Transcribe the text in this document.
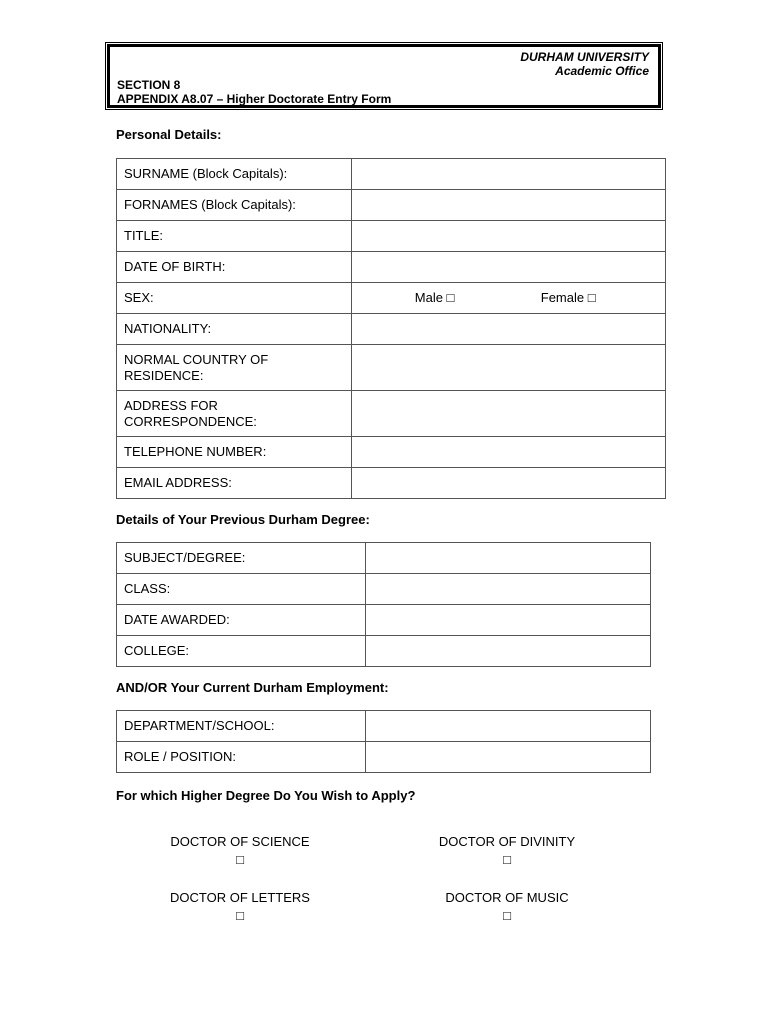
DURHAM UNIVERSITY
Academic Office
SECTION 8
APPENDIX A8.07 – Higher Doctorate Entry Form
Personal Details:
SURNAME (Block Capitals):	
FORNAMES (Block Capitals):	
TITLE:	
DATE OF BIRTH:	
SEX:	Male □ Female □

NATIONALITY:	
NORMAL COUNTRY OF RESIDENCE:	
ADDRESS FOR CORRESPONDENCE:	
TELEPHONE NUMBER:	
EMAIL ADDRESS:	
Details of Your Previous Durham Degree:
SUBJECT/DEGREE:	
CLASS:	
DATE AWARDED:	
COLLEGE:	
AND/OR Your Current Durham Employment:
DEPARTMENT/SCHOOL:	
ROLE / POSITION:	
For which Higher Degree Do You Wish to Apply?
DOCTOR OF SCIENCE
□
DOCTOR OF DIVINITY
□
DOCTOR OF LETTERS
□
DOCTOR OF MUSIC
□
